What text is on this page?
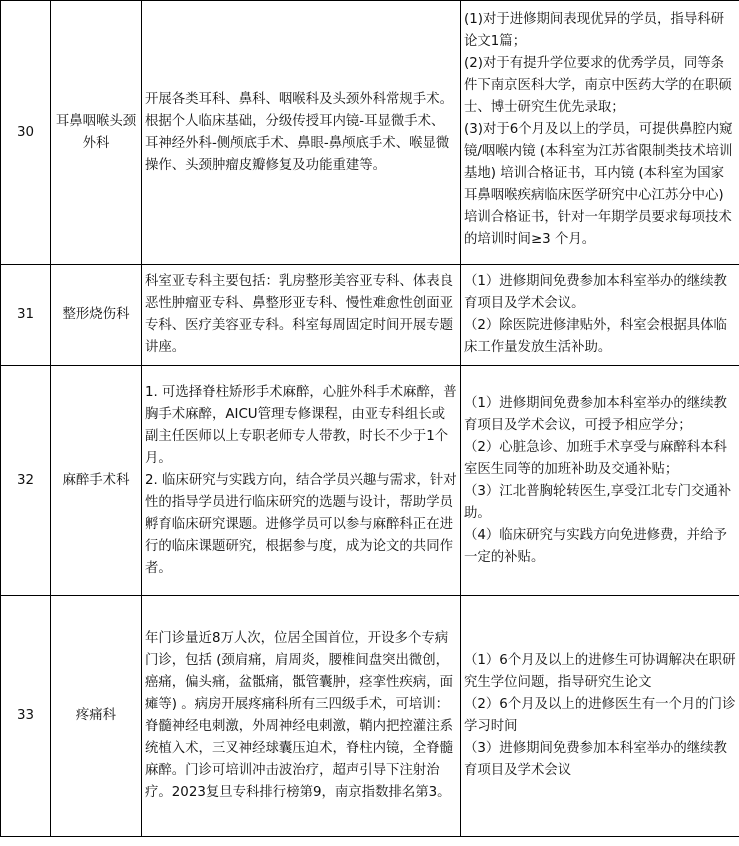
30	耳鼻咽喉头颈外科	开展各类耳科、鼻科、咽喉科及头颈外科常规手术。根据个人临床基础，分级传授耳内镜-耳显微手术、耳神经外科-侧颅底手术、鼻眼-鼻颅底手术、喉显微操作、头颈肿瘤皮瓣修复及功能重建等。	(1)对于进修期间表现优异的学员，指导科研论文1篇；
(2)对于有提升学位要求的优秀学员，同等条件下南京医科大学，南京中医药大学的在职硕士、博士研究生优先录取；
(3)对于6个月及以上的学员，可提供鼻腔内窥镜/咽喉内镜 (本科室为江苏省限制类技术培训基地) 培训合格证书，耳内镜 (本科室为国家耳鼻咽喉疾病临床医学研究中心江苏分中心) 培训合格证书，针对一年期学员要求每项技术的培训时间≥3 个月。

31	整形烧伤科	科室亚专科主要包括：乳房整形美容亚专科、体表良恶性肿瘤亚专科、鼻整形亚专科、慢性难愈性创面亚专科、医疗美容亚专科。科室每周固定时间开展专题讲座。	（1）进修期间免费参加本科室举办的继续教育项目及学术会议。
（2）除医院进修津贴外，科室会根据具体临床工作量发放生活补助。

32	麻醉手术科	1. 可选择脊柱矫形手术麻醉，心脏外科手术麻醉，普胸手术麻醉，AICU管理专修课程，由亚专科组长或副主任医师以上专职老师专人带教，时长不少于1个月。
2. 临床研究与实践方向，结合学员兴趣与需求，针对性的指导学员进行临床研究的选题与设计，帮助学员孵育临床研究课题。进修学员可以参与麻醉科正在进行的临床课题研究，根据参与度，成为论文的共同作者。	（1）进修期间免费参加本科室举办的继续教育项目及学术会议，可授予相应学分；
（2）心脏急诊、加班手术享受与麻醉科本科室医生同等的加班补助及交通补贴；
（3）江北普胸轮转医生,享受江北专门交通补助。
（4）临床研究与实践方向免进修费，并给予一定的补贴。

33	疼痛科	年门诊量近8万人次，位居全国首位，开设多个专病门诊，包括 (颈肩痛，肩周炎，腰椎间盘突出微创，癌痛，偏头痛，盆骶痛，骶管囊肿，痉挛性疾病，面瘫等) 。病房开展疼痛科所有三四级手术，可培训：脊髓神经电刺激，外周神经电刺激，鞘内把控灌注系统植入术，三叉神经球囊压迫术，脊柱内镜，全脊髓麻醉。门诊可培训冲击波治疗，超声引导下注射治疗。2023复旦专科排行榜第9，南京指数排名第3。	（1）6个月及以上的进修生可协调解决在职研究生学位问题，指导研究生论文
（2）6个月及以上的进修医生有一个月的门诊学习时间
（3）进修期间免费参加本科室举办的继续教育项目及学术会议
